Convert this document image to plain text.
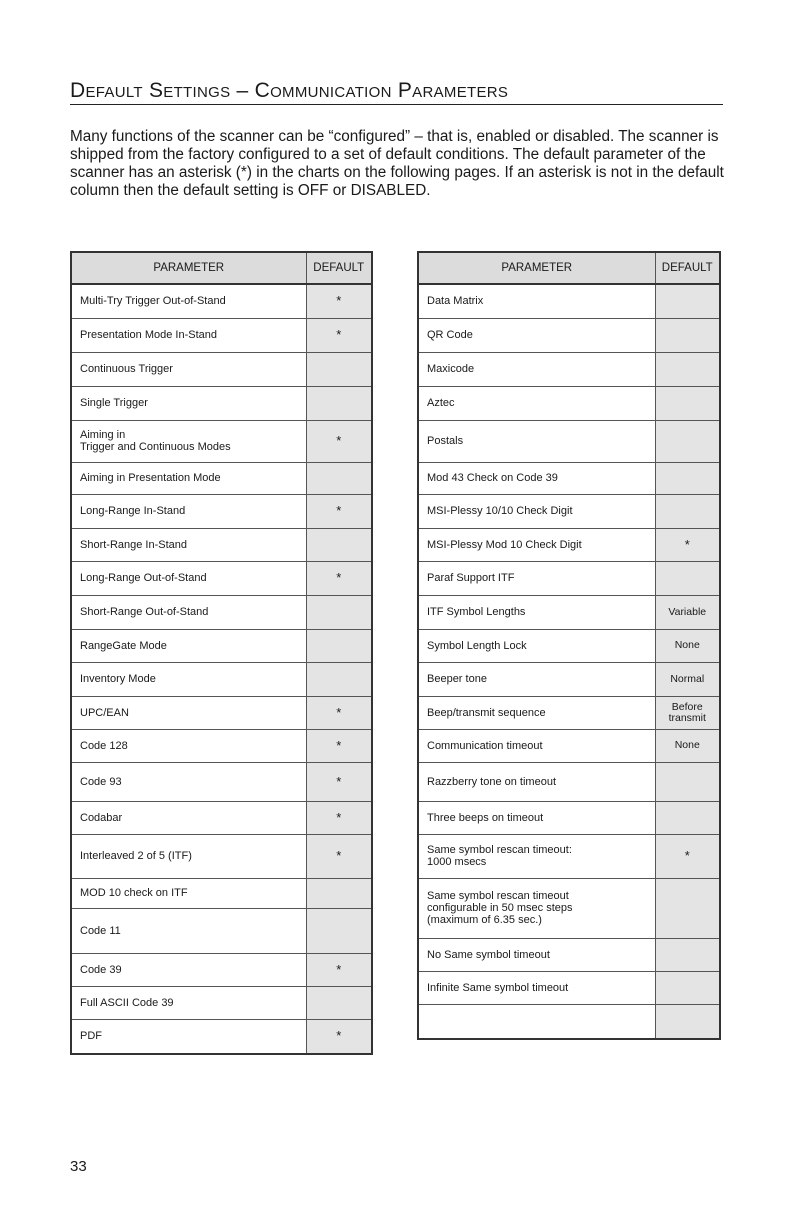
Default Settings – Communication Parameters
Many functions of the scanner can be “configured” – that is, enabled or disabled. The scanner is shipped from the factory configured to a set of default conditions. The default parameter of the scanner has an asterisk (*) in the charts on the following pages. If an asterisk is not in the default column then the default setting is OFF or DISABLED.
PARAMETER	DEFAULT
Multi-Try Trigger Out-of-Stand	*
Presentation Mode In-Stand	*
Continuous Trigger	
Single Trigger	
Aiming in
Trigger and Continuous Modes	*
Aiming in Presentation Mode	
Long-Range In-Stand	*
Short-Range In-Stand	
Long-Range Out-of-Stand	*
Short-Range Out-of-Stand	
RangeGate Mode	
Inventory Mode	
UPC/EAN	*
Code 128	*
Code 93	*
Codabar	*
Interleaved 2 of 5 (ITF)	*
MOD 10 check on ITF	
Code 11	
Code 39	*
Full ASCII Code 39	
PDF	*
PARAMETER	DEFAULT
Data Matrix	
QR Code	
Maxicode	
Aztec	
Postals	
Mod 43 Check on Code 39	
MSI-Plessy 10/10 Check Digit	
MSI-Plessy Mod 10 Check Digit	*
Paraf Support ITF	
ITF Symbol Lengths	Variable
Symbol Length Lock	None
Beeper tone	Normal
Beep/transmit sequence	Before
transmit
Communication timeout	None
Razzberry tone on timeout	
Three beeps on timeout	
Same symbol rescan timeout:
1000 msecs	*
Same symbol rescan timeout
configurable in 50 msec steps
(maximum of 6.35 sec.)	
No Same symbol timeout	
Infinite Same symbol timeout	

33
